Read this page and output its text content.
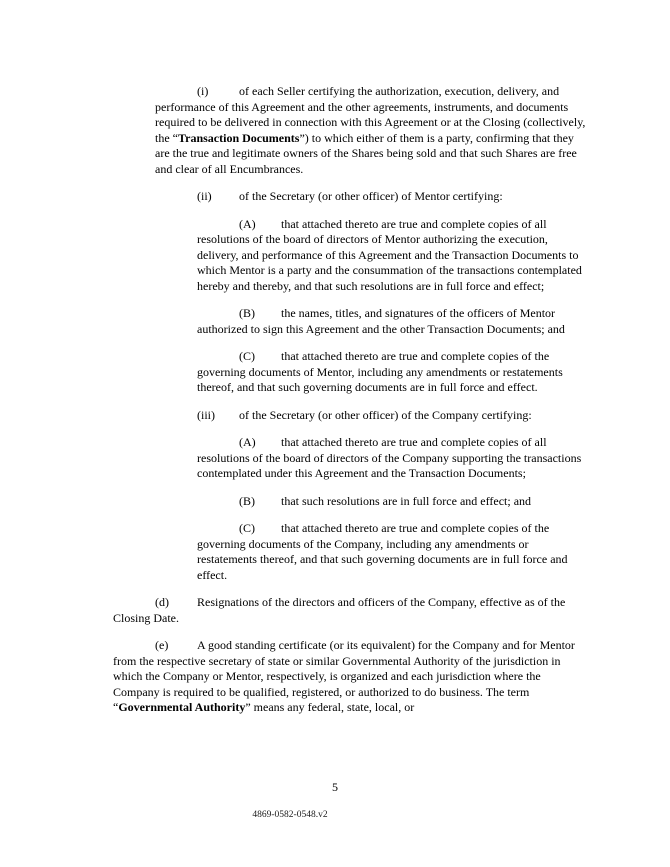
(i)	of each Seller certifying the authorization, execution, delivery, and performance of this Agreement and the other agreements, instruments, and documents required to be delivered in connection with this Agreement or at the Closing (collectively, the “Transaction Documents”) to which either of them is a party, confirming that they are the true and legitimate owners of the Shares being sold and that such Shares are free and clear of all Encumbrances.
(ii) of the Secretary (or other officer) of Mentor certifying:
(A) that attached thereto are true and complete copies of all resolutions of the board of directors of Mentor authorizing the execution, delivery, and performance of this Agreement and the Transaction Documents to which Mentor is a party and the consummation of the transactions contemplated hereby and thereby, and that such resolutions are in full force and effect;
(B) the names, titles, and signatures of the officers of Mentor authorized to sign this Agreement and the other Transaction Documents; and
(C) that attached thereto are true and complete copies of the governing documents of Mentor, including any amendments or restatements thereof, and that such governing documents are in full force and effect.
(iii) of the Secretary (or other officer) of the Company certifying:
(A) that attached thereto are true and complete copies of all resolutions of the board of directors of the Company supporting the transactions contemplated under this Agreement and the Transaction Documents;
(B) that such resolutions are in full force and effect; and
(C) that attached thereto are true and complete copies of the governing documents of the Company, including any amendments or restatements thereof, and that such governing documents are in full force and effect.
(d) Resignations of the directors and officers of the Company, effective as of the Closing Date.
(e) A good standing certificate (or its equivalent) for the Company and for Mentor from the respective secretary of state or similar Governmental Authority of the jurisdiction in which the Company or Mentor, respectively, is organized and each jurisdiction where the Company is required to be qualified, registered, or authorized to do business. The term “Governmental Authority” means any federal, state, local, or
5
4869-0582-0548.v2
